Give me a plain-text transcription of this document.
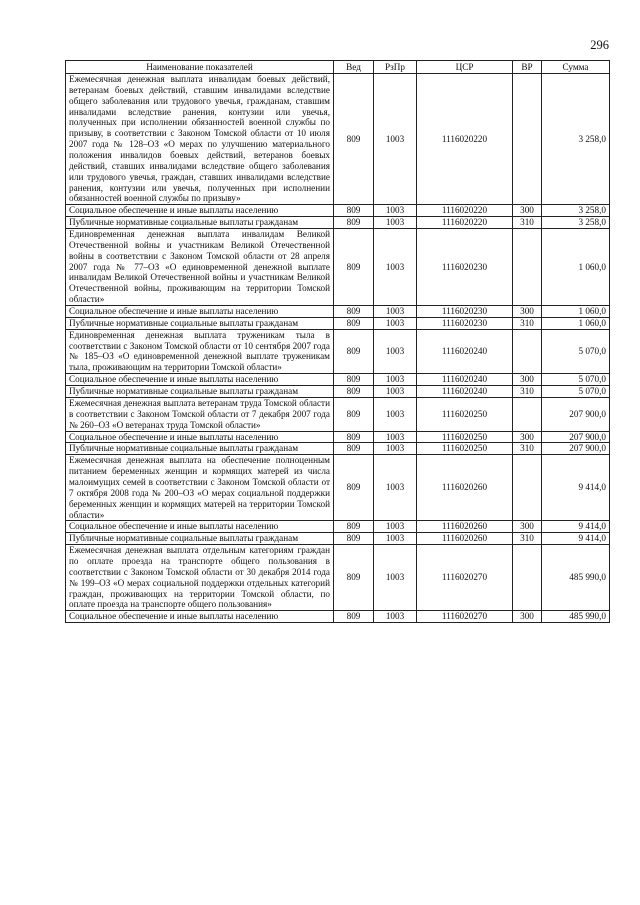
296
Наименование показателей	Вед	РзПр	ЦСР	ВР	Сумма
Ежемесячная денежная выплата инвалидам боевых действий, ветеранам боевых действий, ставшим инвалидами вследствие общего заболевания или трудового увечья, гражданам, ставшим инвалидами вследствие ранения, контузии или увечья, полученных при исполнении обязанностей военной службы по призыву, в соответствии с Законом Томской области от 10 июля 2007 года № 128–ОЗ «О мерах по улучшению материального положения инвалидов боевых действий, ветеранов боевых действий, ставших инвалидами вследствие общего заболевания или трудового увечья, граждан, ставших инвалидами вследствие ранения, контузии или увечья, полученных при исполнении обязанностей военной службы по призыву»	809	1003	1116020220		3 258,0
Социальное обеспечение и иные выплаты населению	809	1003	1116020220	300	3 258,0
Публичные нормативные социальные выплаты гражданам	809	1003	1116020220	310	3 258,0
Единовременная денежная выплата инвалидам Великой Отечественной войны и участникам Великой Отечественной войны в соответствии с Законом Томской области от 28 апреля 2007 года № 77–ОЗ «О единовременной денежной выплате инвалидам Великой Отечественной войны и участникам Великой Отечественной войны, проживающим на территории Томской области»	809	1003	1116020230		1 060,0
Социальное обеспечение и иные выплаты населению	809	1003	1116020230	300	1 060,0
Публичные нормативные социальные выплаты гражданам	809	1003	1116020230	310	1 060,0
Единовременная денежная выплата труженикам тыла в соответствии с Законом Томской области от 10 сентября 2007 года № 185–ОЗ «О единовременной денежной выплате труженикам тыла, проживающим на территории Томской области»	809	1003	1116020240		5 070,0
Социальное обеспечение и иные выплаты населению	809	1003	1116020240	300	5 070,0
Публичные нормативные социальные выплаты гражданам	809	1003	1116020240	310	5 070,0
Ежемесячная денежная выплата ветеранам труда Томской области в соответствии с Законом Томской области от 7 декабря 2007 года № 260–ОЗ «О ветеранах труда Томской области»	809	1003	1116020250		207 900,0
Социальное обеспечение и иные выплаты населению	809	1003	1116020250	300	207 900,0
Публичные нормативные социальные выплаты гражданам	809	1003	1116020250	310	207 900,0
Ежемесячная денежная выплата на обеспечение полноценным питанием беременных женщин и кормящих матерей из числа малоимущих семей в соответствии с Законом Томской области от 7 октября 2008 года № 200–ОЗ «О мерах социальной поддержки беременных женщин и кормящих матерей на территории Томской области»	809	1003	1116020260		9 414,0
Социальное обеспечение и иные выплаты населению	809	1003	1116020260	300	9 414,0
Публичные нормативные социальные выплаты гражданам	809	1003	1116020260	310	9 414,0
Ежемесячная денежная выплата отдельным категориям граждан по оплате проезда на транспорте общего пользования в соответствии с Законом Томской области от 30 декабря 2014 года № 199–ОЗ «О мерах социальной поддержки отдельных категорий граждан, проживающих на территории Томской области, по оплате проезда на транспорте общего пользования»	809	1003	1116020270		485 990,0
Социальное обеспечение и иные выплаты населению	809	1003	1116020270	300	485 990,0
